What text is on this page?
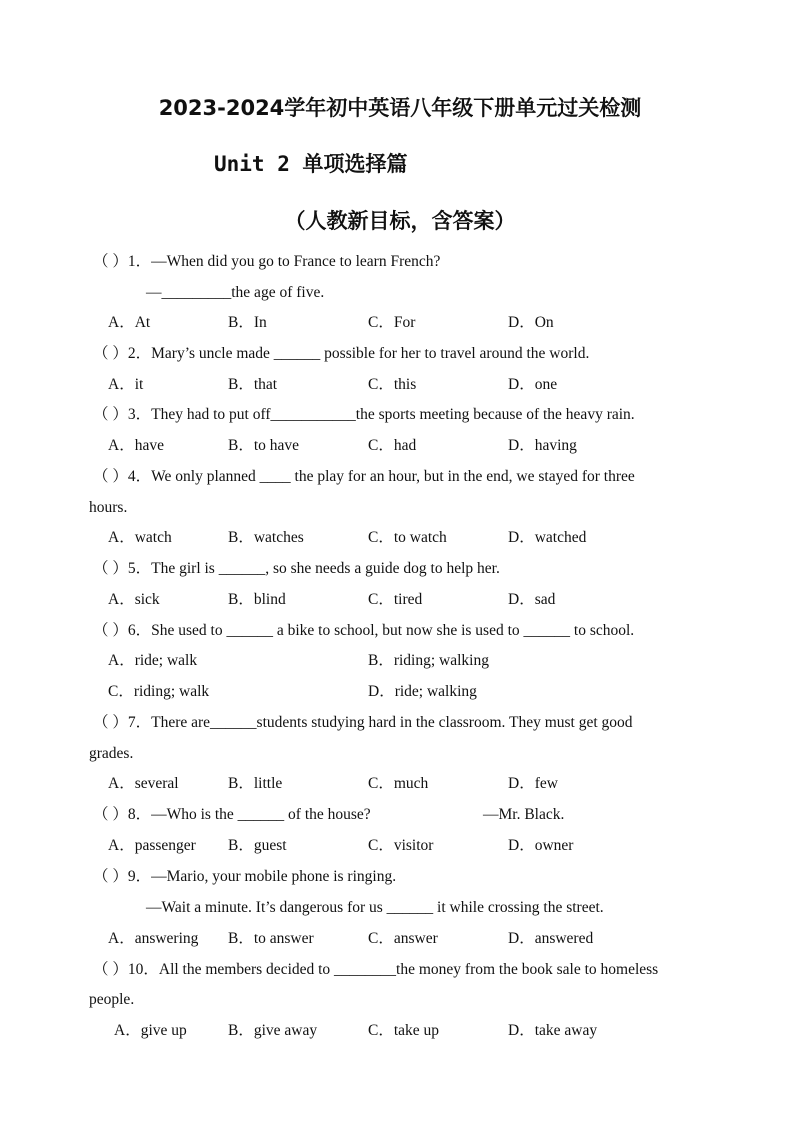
2023-2024学年初中英语八年级下册单元过关检测
Unit 2 单项选择篇
（人教新目标，含答案）
（ ）1．—When did you go to France to learn French?
—_________the age of five.
A．At	B．In	C．For	D．On
（ ）2．Mary’s uncle made ______ possible for her to travel around the world.
A．it	B．that	C．this	D．one
（ ）3．They had to put off___________the sports meeting because of the heavy rain.
A．have	B．to have	C．had	D．having
（ ）4．We only planned ____ the play for an hour, but in the end, we stayed for three
hours.
A．watch	B．watches	C．to watch	D．watched
（ ）5．The girl is ______, so she needs a guide dog to help her.
A．sick	B．blind	C．tired	D．sad
（ ）6．She used to ______ a bike to school, but now she is used to ______ to school.
A．ride; walk	B．riding; walking
C．riding; walk	D．ride; walking
（ ）7．There are______students studying hard in the classroom. They must get good
grades.
A．several	B．little	C．much	D．few
（ ）8．—Who is the ______ of the house?	—Mr. Black.
A．passenger B．guest	C．visitor	D．owner
（ ）9．—Mario, your mobile phone is ringing.
—Wait a minute. It’s dangerous for us ______ it while crossing the street.
A．answering B．to answer	C．answer	D．answered
（ ）10．All the members decided to ________the money from the book sale to homeless
people.
A．give up	B．give away	C．take up	D．take away
